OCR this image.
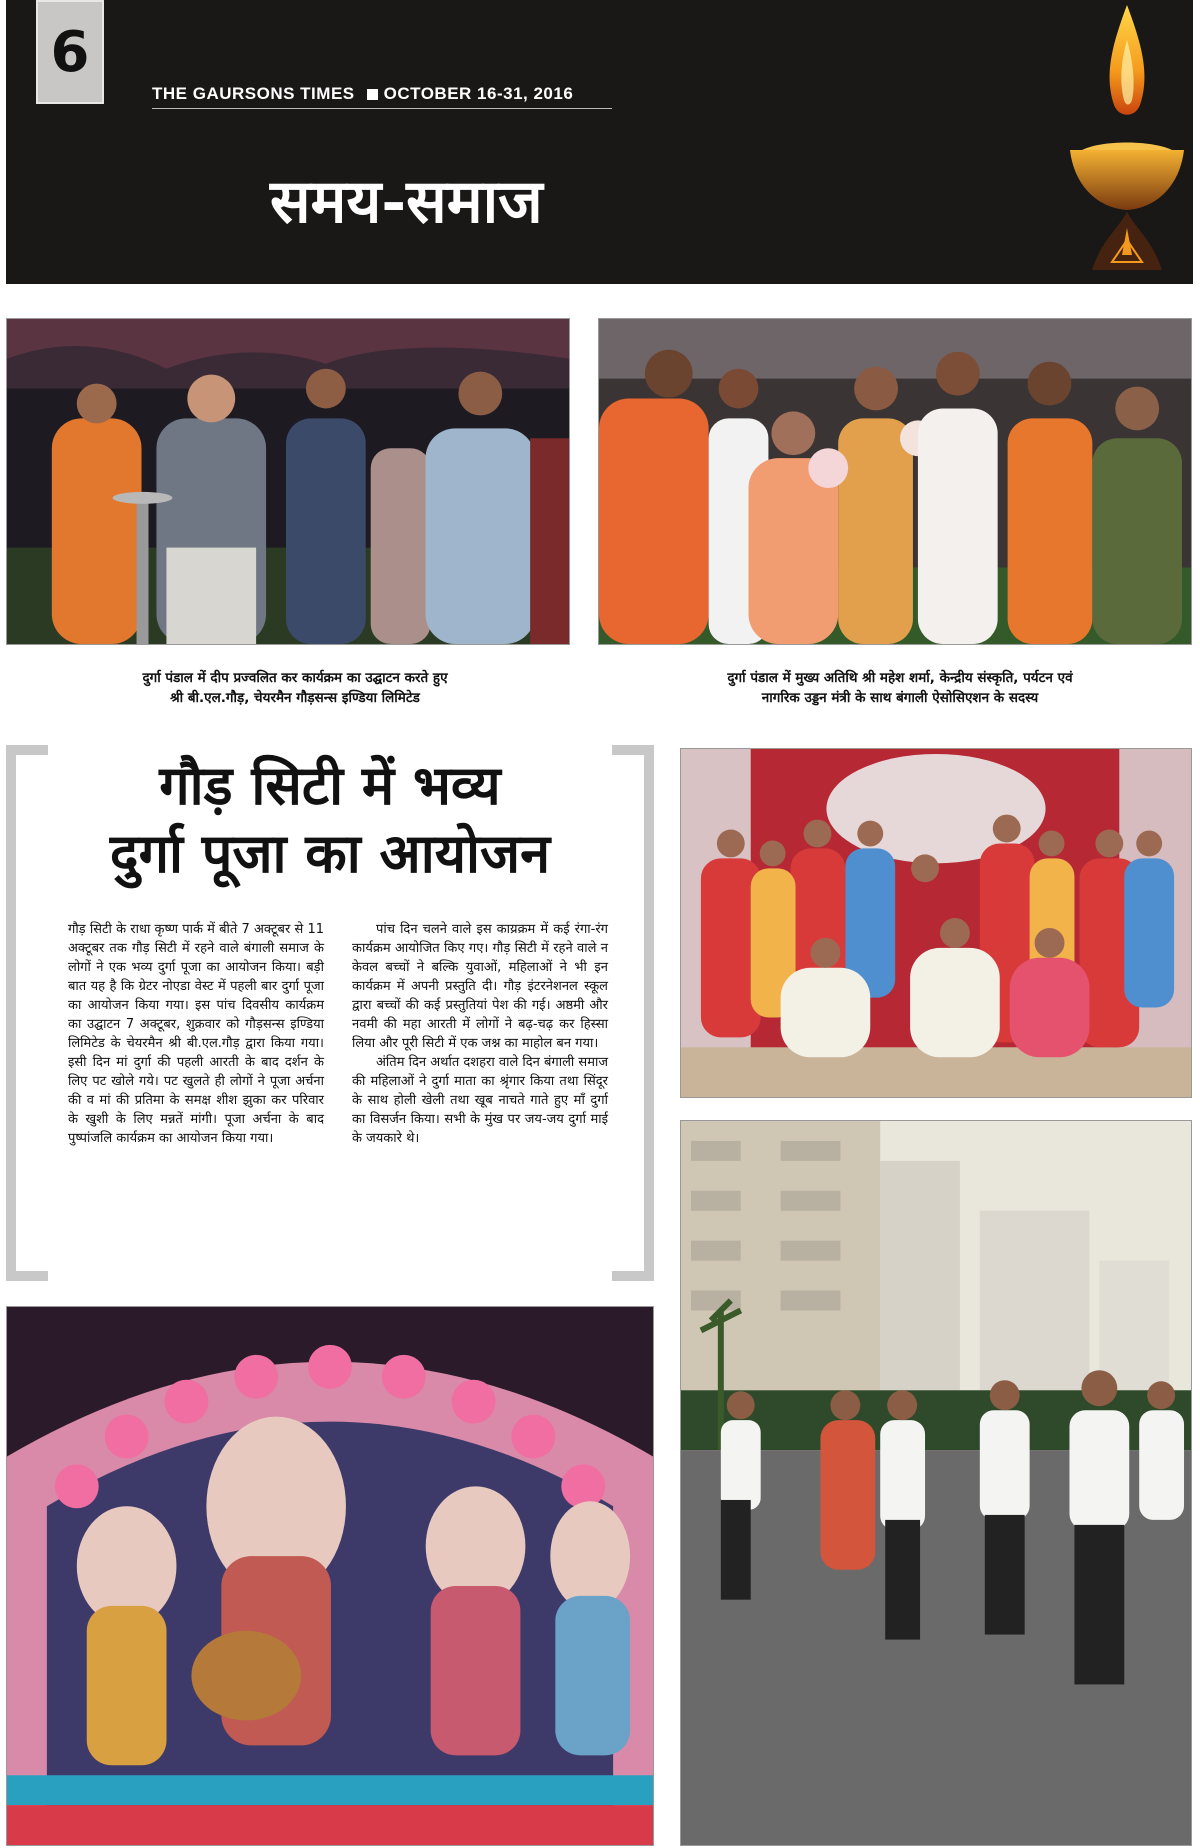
6
THE GAURSONS TIMES OCTOBER 16-31, 2016
समय-समाज
दुर्गा पंडाल में दीप प्रज्वलित कर कार्यक्रम का उद्घाटन करते हुए
श्री बी.एल.गौड़, चेयरमैन गौड़सन्स इण्डिया लिमिटेड
दुर्गा पंडाल में मुख्य अतिथि श्री महेश शर्मा, केन्द्रीय संस्कृति, पर्यटन एवं
नागरिक उड्डन मंत्री के साथ बंगाली ऐसोसिएशन के सदस्य
गौड़ सिटी में भव्य
दुर्गा पूजा का आयोजन

गौड़ सिटी के राधा कृष्ण पार्क में बीते 7 अक्टूबर से 11 अक्टूबर तक गौड़ सिटी में रहने वाले बंगाली समाज के लोगों ने एक भव्य दुर्गा पूजा का आयोजन किया। बड़ी बात यह है कि ग्रेटर नोएडा वेस्ट में पहली बार दुर्गा पूजा का आयोजन किया गया। इस पांच दिवसीय कार्यक्रम का उद्घाटन 7 अक्टूबर, शुक्रवार को गौड़सन्स इण्डिया लिमिटेड के चेयरमैन श्री बी.एल.गौड़ द्वारा किया गया। इसी दिन मां दुर्गा की पहली आरती के बाद दर्शन के लिए पट खोले गये। पट खुलते ही लोगों ने पूजा अर्चना की व मां की प्रतिमा के समक्ष शीश झुका कर परिवार के खुशी के लिए मन्नतें मांगी। पूजा अर्चना के बाद पुष्पांजलि कार्यक्रम का आयोजन किया गया।

पांच दिन चलने वाले इस काय्रक्रम में कई रंगा-रंग कार्यक्रम आयोजित किए गए। गौड़ सिटी में रहने वाले न केवल बच्चों ने बल्कि युवाओं, महिलाओं ने भी इन कार्यक्रम में अपनी प्रस्तुति दी। गौड़ इंटरनेशनल स्कूल द्वारा बच्चों की कई प्रस्तुतियां पेश की गई। अष्ठमी और नवमी की महा आरती में लोगों ने बढ़-चढ़ कर हिस्सा लिया और पूरी सिटी में एक जश्न का माहोल बन गया।

अंतिम दिन अर्थात दशहरा वाले दिन बंगाली समाज की महिलाओं ने दुर्गा माता का श्रृंगार किया तथा सिंदूर के साथ होली खेली तथा खूब नाचते गाते हुए माँ दुर्गा का विसर्जन किया। सभी के मुंख पर जय-जय दुर्गा माई के जयकारे थे।
